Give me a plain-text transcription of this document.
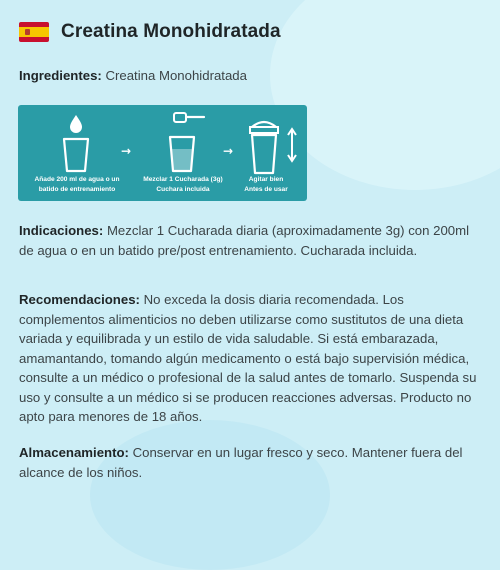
Creatina Monohidratada
Ingredientes: Creatina Monohidratada
Añade 200 ml de agua o un
batido de entrenamiento
→
Mezclar 1 Cucharada (3g)
Cuchara incluida
→
Agitar bien
Antes de usar
Indicaciones: Mezclar 1 Cucharada diaria (aproximadamente 3g) con 200ml de agua o en un batido pre/post entrenamiento. Cucharada incluida.
Recomendaciones: No exceda la dosis diaria recomendada. Los complementos alimenticios no deben utilizarse como sustitutos de una dieta variada y equilibrada y un estilo de vida saludable. Si está embarazada, amamantando, tomando algún medicamento o está bajo supervisión médica, consulte a un médico o profesional de la salud antes de tomarlo. Suspenda su uso y consulte a un médico si se producen reacciones adversas. Producto no apto para menores de 18 años.
Almacenamiento: Conservar en un lugar fresco y seco. Mantener fuera del alcance de los niños.
